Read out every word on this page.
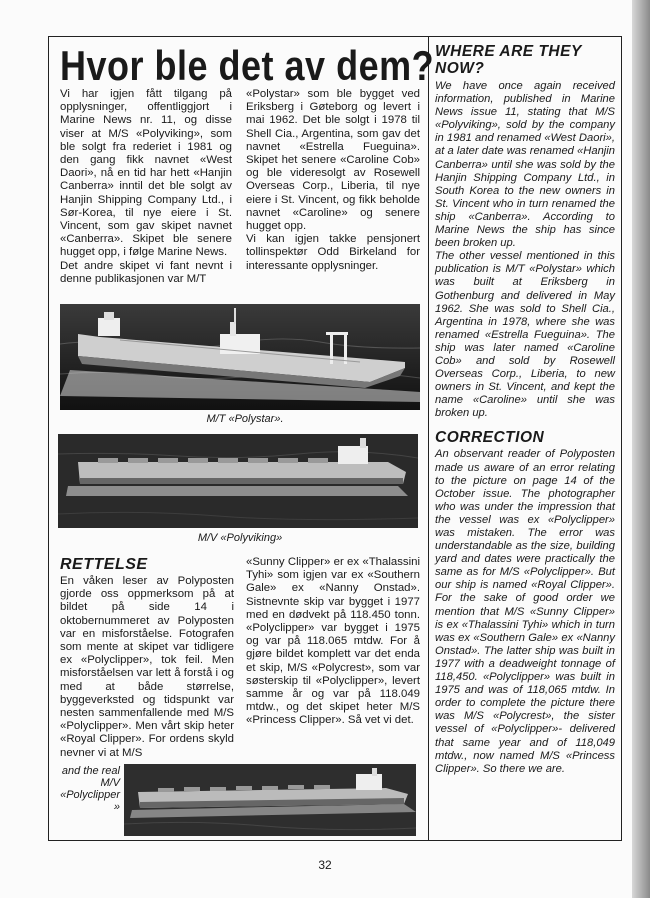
Hvor ble det av dem?

Vi har igjen fått tilgang på opplysninger, offentliggjort i Marine News nr. 11, og disse viser at M/S «Polyviking», som ble solgt fra rederiet i 1981 og den gang fikk navnet «West Daori», nå en tid har hett «Hanjin Canberra» inntil det ble solgt av Hanjin Shipping Company Ltd., i Sør-Korea, til nye eiere i St. Vincent, som gav skipet navnet «Canberra». Skipet ble senere hugget opp, i følge Marine News.

Det andre skipet vi fant nevnt i denne publikasjonen var M/T

«Polystar» som ble bygget ved Eriksberg i Gøteborg og levert i mai 1962. Det ble solgt i 1978 til Shell Cia., Argentina, som gav det navnet «Estrella Fueguina». Skipet het senere «Caroline Cob» og ble videresolgt av Rosewell Overseas Corp., Liberia, til nye eiere i St. Vincent, og fikk beholde navnet «Caroline» og senere hugget opp.

Vi kan igjen takke pensjonert tollinspektør Odd Birkeland for interessante opplysninger.

M/T «Polystar».
M/V «Polyviking»
RETTELSE

En våken leser av Polyposten gjorde oss oppmerksom på at bildet på side 14 i oktobernummeret av Polyposten var en misforståelse. Fotografen som mente at skipet var tidligere ex «Polyclipper», tok feil. Men misforståelsen var lett å forstå i og med at både størrelse, byggeverksted og tidspunkt var nesten sammenfallende med M/S «Polyclipper». Men vårt skip heter «Royal Clipper». For ordens skyld nevner vi at M/S

«Sunny Clipper» er ex «Thalassini Tyhi» som igjen var ex «Southern Gale» ex «Nanny Onstad». Sistnevnte skip var bygget i 1977 med en dødvekt på 118.450 tonn. «Polyclipper» var bygget i 1975 og var på 118.065 mtdw. For å gjøre bildet komplett var det enda et skip, M/S «Polycrest», som var søsterskip til «Polyclipper», levert samme år og var på 118.049 mtdw., og det skipet heter M/S «Princess Clipper». Så vet vi det.

and the real M/V «Polyclipper »
WHERE ARE THEY NOW?

We have once again received information, published in Marine News issue 11, stating that M/S «Polyviking», sold by the company in 1981 and renamed «West Daori», at a later date was renamed «Hanjin Canberra» until she was sold by the Hanjin Shipping Company Ltd., in South Korea to the new owners in St. Vincent who in turn renamed the ship «Canberra». According to Marine News the ship has since been broken up.

The other vessel mentioned in this publication is M/T «Polystar» which was built at Eriksberg in Gothenburg and delivered in May 1962. She was sold to Shell Cia., Argentina in 1978, where she was renamed «Estrella Fueguina». The ship was later named «Caroline Cob» and sold by Rosewell Overseas Corp., Liberia, to new owners in St. Vincent, and kept the name «Caroline» until she was broken up.

CORRECTION

An observant reader of Polyposten made us aware of an error relating to the picture on page 14 of the October issue. The photographer who was under the impression that the vessel was ex «Polyclipper» was mistaken. The error was understandable as the size, building yard and dates were practically the same as for M/S «Polyclipper». But our ship is named «Royal Clipper». For the sake of good order we mention that M/S «Sunny Clipper» is ex «Thalassini Tyhi» which in turn was ex «Southern Gale» ex «Nanny Onstad». The latter ship was built in 1977 with a deadweight tonnage of 118,450. «Polyclipper» was built in 1975 and was of 118,065 mtdw. In order to complete the picture there was M/S «Polycrest», the sister vessel of «Polyclipper»- delivered that same year and of 118,049 mtdw., now named M/S «Princess Clipper». So there we are.

32
